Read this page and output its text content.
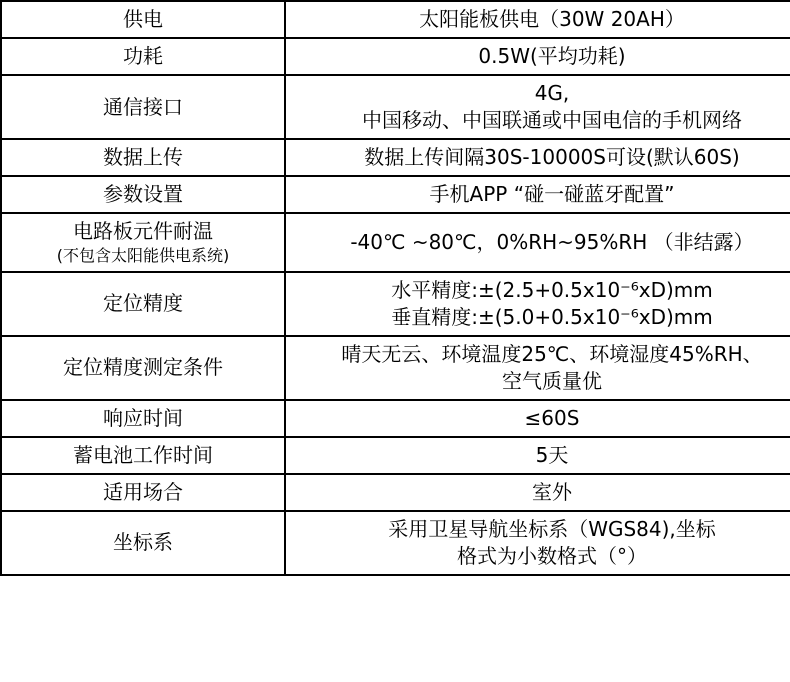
供电	太阳能板供电（30W 20AH）

功耗	0.5W(平均功耗)

通信接口	4G,
中国移动、中国联通或中国电信的手机网络

数据上传	数据上传间隔30S-10000S可设(默认60S)

参数设置	手机APP “碰一碰蓝牙配置”

电路板元件耐温
(不包含太阳能供电系统)	-40℃ ~80℃，0%RH~95%RH （非结露）

定位精度	水平精度:±(2.5+0.5x10⁻⁶xD)mm
垂直精度:±(5.0+0.5x10⁻⁶xD)mm

定位精度测定条件	晴天无云、环境温度25℃、环境湿度45%RH、
空气质量优

响应时间	≤60S

蓄电池工作时间	5天

适用场合	室外

坐标系	采用卫星导航坐标系（WGS84),坐标
格式为小数格式（°）
